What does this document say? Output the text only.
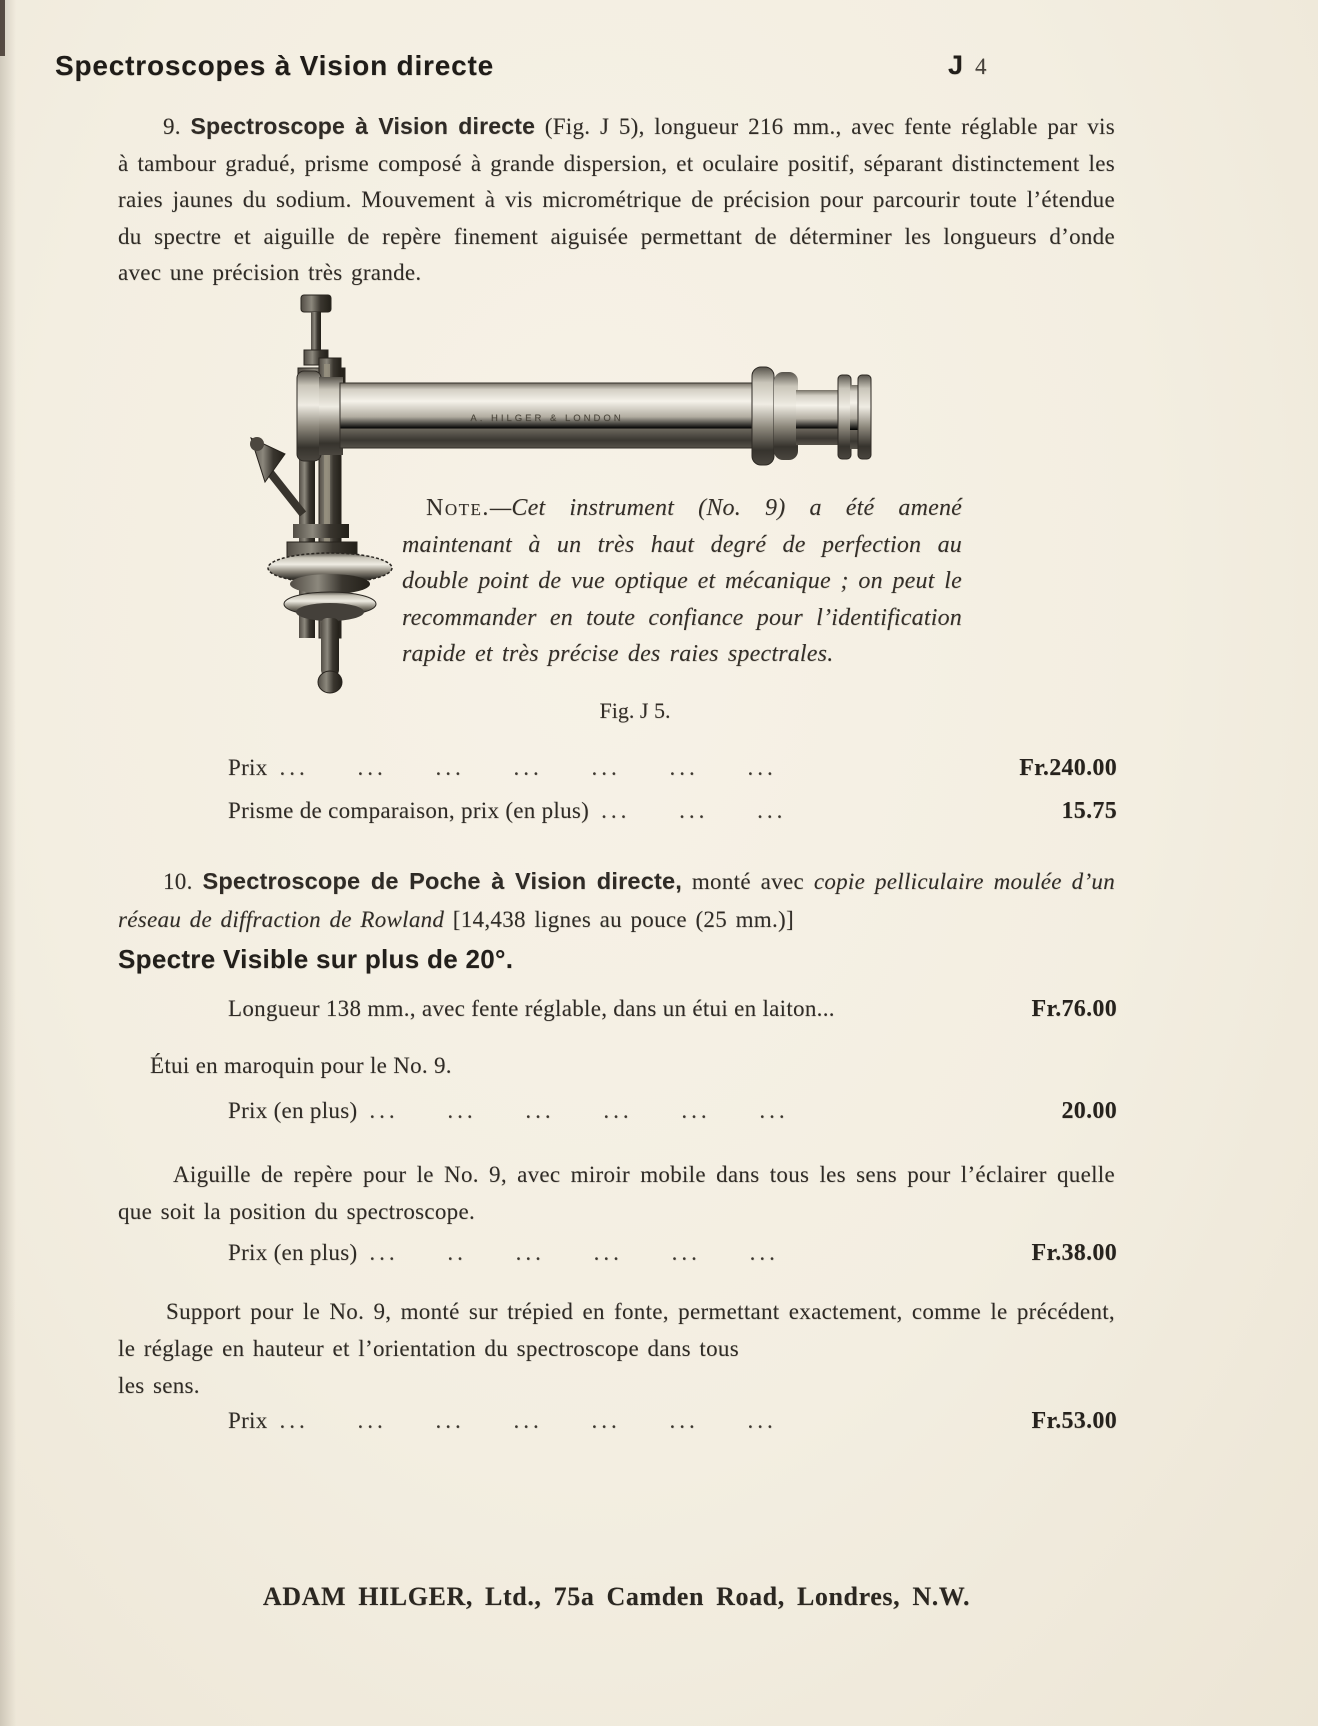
Spectroscopes à Vision directe	J 4

9. Spectroscope à Vision directe (Fig. J 5), longueur 216 mm., avec fente réglable par vis à tambour gradué, prisme composé à grande dispersion, et oculaire positif, séparant distinctement les raies jaunes du sodium. Mouvement à vis micrométrique de précision pour parcourir toute l’étendue du spectre et aiguille de repère finement aiguisée permettant de déterminer les longueurs d’onde avec une précision très grande.

A. HILGER & LONDON
Note.—Cet instrument (No. 9) a été amené maintenant à un très haut degré de perfection au double point de vue optique et mécanique ; on peut le recommander en toute confiance pour l’identification rapide et très précise des raies spectrales.
Fig. J 5.
Prix ...     ...     ...     ...     ...     ...     ...	Fr.240.00
Prisme de comparaison, prix (en plus) ...     ...     ...	15.75

10. Spectroscope de Poche à Vision directe, monté avec copie pelliculaire moulée d’un réseau de diffraction de Rowland [14,438 lignes au pouce (25 mm.)]

Spectre Visible sur plus de 20°.
Longueur 138 mm., avec fente réglable, dans un étui en laiton...	Fr.76.00
Étui en maroquin pour le No. 9.
Prix (en plus) ...     ...     ...     ...     ...     ...	20.00

Aiguille de repère pour le No. 9, avec miroir mobile dans tous les sens pour l’éclairer quelle que soit la position du spectroscope.

Prix (en plus) ...     ..     ...     ...     ...     ...	Fr.38.00

Support pour le No. 9, monté sur trépied en fonte, permettant exactement, comme le précédent, le réglage en hauteur et l’orientation du spectroscope dans tous
les sens.

Prix ...     ...     ...     ...     ...     ...     ...	Fr.53.00
ADAM HILGER, Ltd., 75a Camden Road, Londres, N.W.
